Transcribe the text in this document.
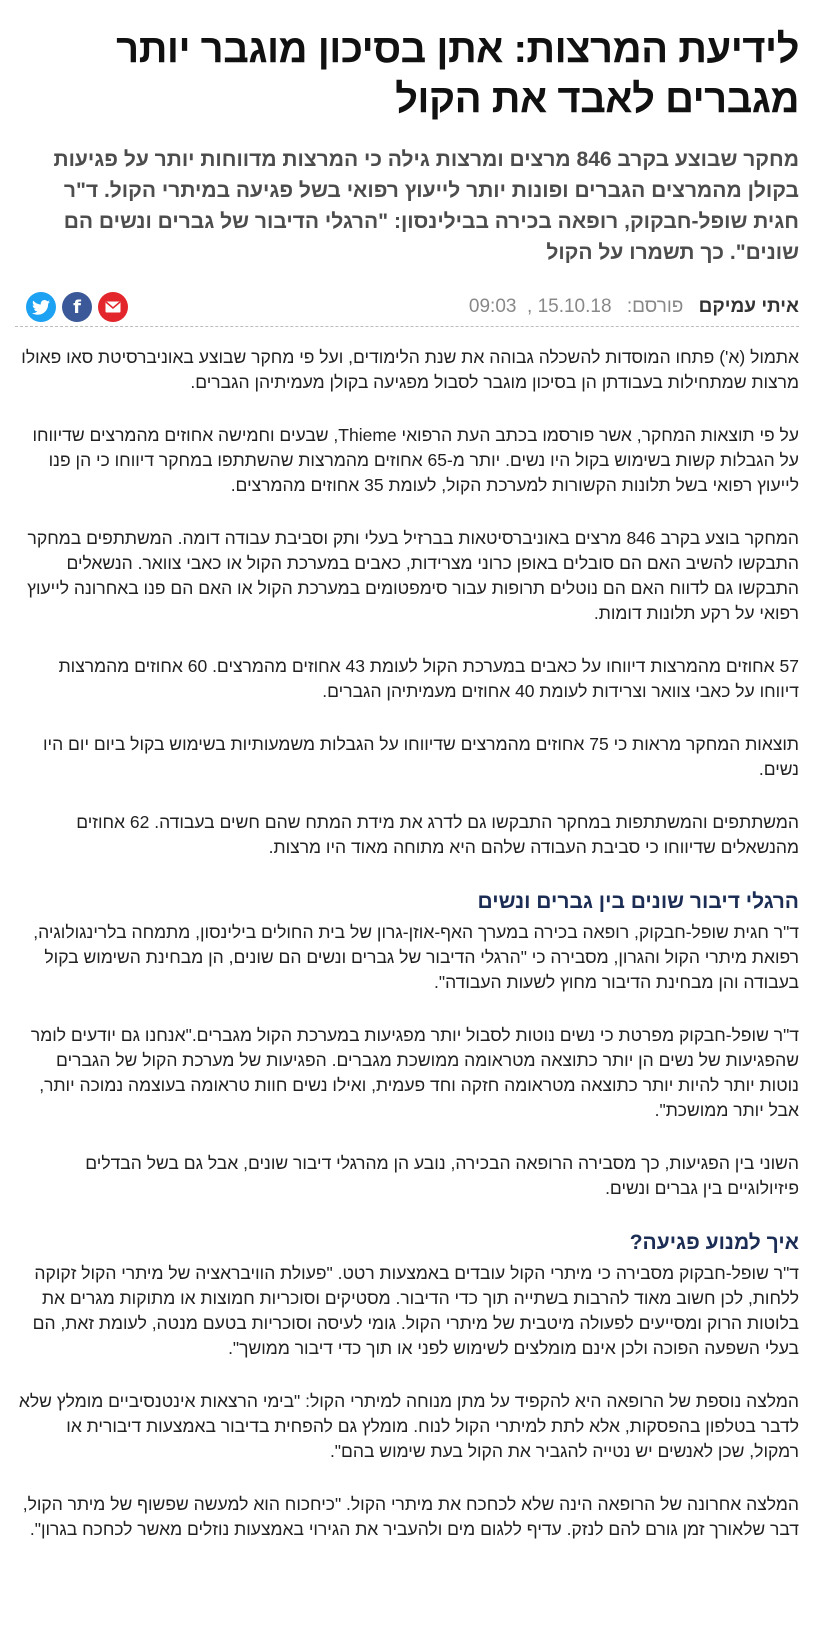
לידיעת המרצות: אתן בסיכון מוגבר יותר מגברים לאבד את הקול
מחקר שבוצע בקרב 846 מרצים ומרצות גילה כי המרצות מדווחות יותר על פגיעות בקולן מהמרצים הגברים ופונות יותר לייעוץ רפואי בשל פגיעה במיתרי הקול. ד"ר חגית שופל-חבקוק, רופאה בכירה בבילינסון: "הרגלי הדיבור של גברים ונשים הם שונים". כך תשמרו על הקול
איתי עמיקם פורסם: 15.10.18 ,  09:03
f

אתמול (א') פתחו המוסדות להשכלה גבוהה את שנת הלימודים, ועל פי מחקר שבוצע באוניברסיטת סאו פאולו מרצות שמתחילות בעבודתן הן בסיכון מוגבר לסבול מפגיעה בקולן מעמיתיהן הגברים.

על פי תוצאות המחקר, אשר פורסמו בכתב העת הרפואי Thieme, שבעים וחמישה אחוזים מהמרצים שדיווחו על הגבלות קשות בשימוש בקול היו נשים. יותר מ-65 אחוזים מהמרצות שהשתתפו במחקר דיווחו כי הן פנו לייעוץ רפואי בשל תלונות הקשורות למערכת הקול, לעומת 35 אחוזים מהמרצים.

המחקר בוצע בקרב 846 מרצים באוניברסיטאות בברזיל בעלי ותק וסביבת עבודה דומה. המשתתפים במחקר התבקשו להשיב האם הם סובלים באופן כרוני מצרידות, כאבים במערכת הקול או כאבי צוואר. הנשאלים התבקשו גם לדווח האם הם נוטלים תרופות עבור סימפטומים במערכת הקול או האם הם פנו באחרונה לייעוץ רפואי על רקע תלונות דומות.

57 אחוזים מהמרצות דיווחו על כאבים במערכת הקול לעומת 43 אחוזים מהמרצים. 60 אחוזים מהמרצות דיווחו על כאבי צוואר וצרידות לעומת 40 אחוזים מעמיתיהן הגברים.

תוצאות המחקר מראות כי 75 אחוזים מהמרצים שדיווחו על הגבלות משמעותיות בשימוש בקול ביום יום היו נשים.

המשתתפים והמשתתפות במחקר התבקשו גם לדרג את מידת המתח שהם חשים בעבודה. 62 אחוזים מהנשאלים שדיווחו כי סביבת העבודה שלהם היא מתוחה מאוד היו מרצות.

הרגלי דיבור שונים בין גברים ונשים

ד"ר חגית שופל-חבקוק, רופאה בכירה במערך האף-אוזן-גרון של בית החולים בילינסון, מתמחה בלרינגולוגיה, רפואת מיתרי הקול והגרון, מסבירה כי "הרגלי הדיבור של גברים ונשים הם שונים, הן מבחינת השימוש בקול בעבודה והן מבחינת הדיבור מחוץ לשעות העבודה".

ד"ר שופל-חבקוק מפרטת כי נשים נוטות לסבול יותר מפגיעות במערכת הקול מגברים."אנחנו גם יודעים לומר שהפגיעות של נשים הן יותר כתוצאה מטראומה ממושכת מגברים. הפגיעות של מערכת הקול של הגברים נוטות יותר להיות יותר כתוצאה מטראומה חזקה וחד פעמית, ואילו נשים חוות טראומה בעוצמה נמוכה יותר, אבל יותר ממושכת".

השוני בין הפגיעות, כך מסבירה הרופאה הבכירה, נובע הן מהרגלי דיבור שונים, אבל גם בשל הבדלים פיזיולוגיים בין גברים ונשים.

איך למנוע פגיעה?

ד"ר שופל-חבקוק מסבירה כי מיתרי הקול עובדים באמצעות רטט. "פעולת הוויבראציה של מיתרי הקול זקוקה ללחות, לכן חשוב מאוד להרבות בשתייה תוך כדי הדיבור. מסטיקים וסוכריות חמוצות או מתוקות מגרים את בלוטות הרוק ומסייעים לפעולה מיטבית של מיתרי הקול. גומי לעיסה וסוכריות בטעם מנטה, לעומת זאת, הם בעלי השפעה הפוכה ולכן אינם מומלצים לשימוש לפני או תוך כדי דיבור ממושך".

המלצה נוספת של הרופאה היא להקפיד על מתן מנוחה למיתרי הקול: "בימי הרצאות אינטנסיביים מומלץ שלא לדבר בטלפון בהפסקות, אלא לתת למיתרי הקול לנוח. מומלץ גם להפחית בדיבור באמצעות דיבורית או רמקול, שכן לאנשים יש נטייה להגביר את הקול בעת שימוש בהם".

המלצה אחרונה של הרופאה הינה שלא לכחכח את מיתרי הקול. "כיחכוח הוא למעשה שפשוף של מיתר הקול, דבר שלאורך זמן גורם להם לנזק. עדיף ללגום מים ולהעביר את הגירוי באמצעות נוזלים מאשר לכחכח בגרון".
